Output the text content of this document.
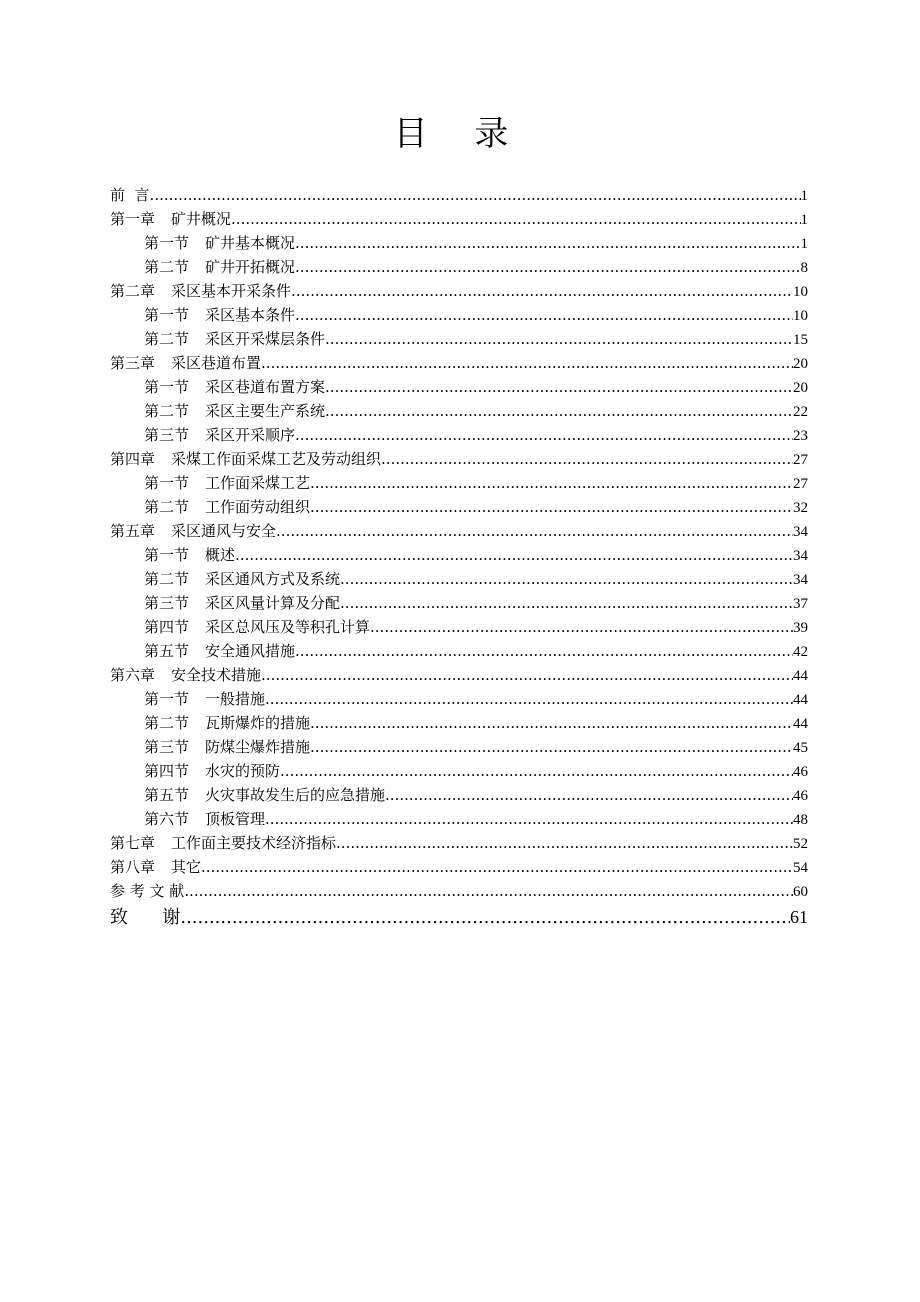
目 录
前  言 .....	1
第一章 矿井概况 .....	1
第一节 矿井基本概况 .....	1
第二节 矿井开拓概况 .....	8
第二章 采区基本开采条件 .....	10
第一节 采区基本条件 .....	10
第二节 采区开采煤层条件 .....	15
第三章 采区巷道布置 .....	20
第一节 采区巷道布置方案 .....	20
第二节 采区主要生产系统 .....	22
第三节 采区开采顺序 .....	23
第四章 采煤工作面采煤工艺及劳动组织 .....	27
第一节 工作面采煤工艺 .....	27
第二节 工作面劳动组织 .....	32
第五章 采区通风与安全 .....	34
第一节 概述 .....	34
第二节 采区通风方式及系统 .....	34
第三节 采区风量计算及分配 .....	37
第四节 采区总风压及等积孔计算 .....	39
第五节 安全通风措施 .....	42
第六章 安全技术措施 .....	44
第一节 一般措施 .....	44
第二节 瓦斯爆炸的措施 .....	44
第三节 防煤尘爆炸措施 .....	45
第四节 水灾的预防 .....	46
第五节 火灾事故发生后的应急措施 .....	46
第六节 顶板管理 .....	48
第七章 工作面主要技术经济指标 .....	52
第八章 其它 .....	54
参 考 文 献 .....	60
致      谢 .....	61
